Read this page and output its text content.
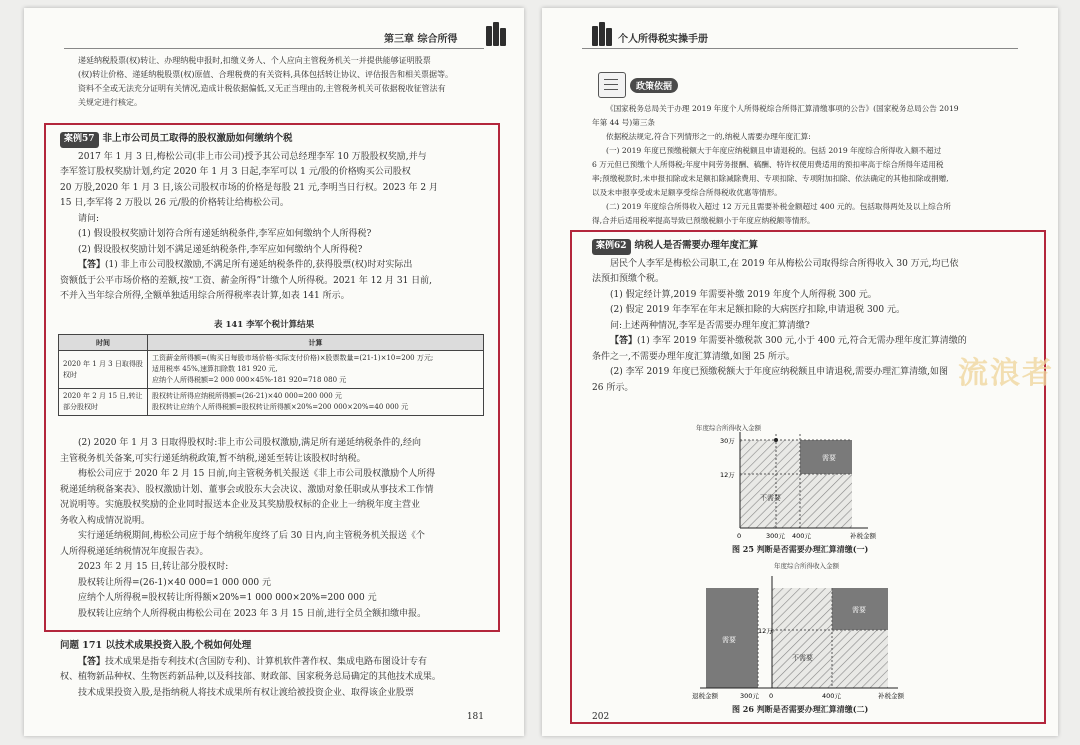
第三章 综合所得

递延纳税股票(权)转让、办理纳税申报时,扣缴义务人、个人应向主管税务机关一并提供能够证明股票

(权)转让价格、递延纳税股票(权)原值、合理税费的有关资料,具体包括转让协议、评估报告和相关票据等。

资料不全或无法充分证明有关情况,造成计税依据偏低,又无正当理由的,主管税务机关可依据税收征管法有

关规定进行核定。

案例57 非上市公司员工取得的股权激励如何缴纳个税

2017 年 1 月 3 日,梅松公司(非上市公司)授予其公司总经理李军 10 万股股权奖励,并与

李军签订股权奖励计划,约定 2020 年 1 月 3 日起,李军可以 1 元/股的价格购买公司股权

20 万股,2020 年 1 月 3 日,该公司股权市场的价格是每股 21 元,李明当日行权。2023 年 2 月

15 日,李军将 2 万股以 26 元/股的价格转让给梅松公司。

请问:

(1) 假设股权奖励计划符合所有递延纳税条件,李军应如何缴纳个人所得税?

(2) 假设股权奖励计划不满足递延纳税条件,李军应如何缴纳个人所得税?

【答】(1) 非上市公司股权激励,不满足所有递延纳税条件的,获得股票(权)时对实际出

资额低于公平市场价格的差额,按“工资、薪金所得”计缴个人所得税。2021 年 12 月 31 日前,

不并入当年综合所得,全额单独适用综合所得税率表计算,如表 141 所示。

表 141 李军个税计算结果
时间	计算
2020 年 1 月 3 日取得股权时	工资薪金所得额=(购买日每股市场价格-实际支付价格)×股票数量=(21-1)×10=200 万元;
适用税率 45%,速算扣除数 181 920 元,
应纳个人所得税额=2 000 000×45%-181 920=718 080 元

2020 年 2 月 15 日,转让部分股权时	股权转让所得应纳税所得额=(26-21)×40 000=200 000 元
股权转让应纳个人所得税额=股权转让所得额×20%=200 000×20%=40 000 元

(2) 2020 年 1 月 3 日取得股权时:非上市公司股权激励,满足所有递延纳税条件的,经向

主管税务机关备案,可实行递延纳税政策,暂不纳税,递延至转让该股权时纳税。

梅松公司应于 2020 年 2 月 15 日前,向主管税务机关报送《非上市公司股权激励个人所得

税递延纳税备案表》、股权激励计划、董事会或股东大会决议、激励对象任职或从事技术工作情

况说明等。实施股权奖励的企业同时报送本企业及其奖励股权标的企业上一纳税年度主营业

务收入构成情况说明。

实行递延纳税期间,梅松公司应于每个纳税年度终了后 30 日内,向主管税务机关报送《个

人所得税递延纳税情况年度报告表》。

2023 年 2 月 15 日,转让部分股权时:

股权转让所得=(26-1)×40 000=1 000 000 元

应纳个人所得税=股权转让所得额×20%=1 000 000×20%=200 000 元

股权转让应纳个人所得税由梅松公司在 2023 年 3 月 15 日前,进行全员全额扣缴申报。

问题 171 以技术成果投资入股,个税如何处理

【答】技术成果是指专利技术(含国防专利)、计算机软件著作权、集成电路布图设计专有

权、植物新品种权、生物医药新品种,以及科技部、财政部、国家税务总局确定的其他技术成果。

技术成果投资入股,是指纳税人将技术成果所有权让渡给被投资企业、取得该企业股票

181
个人所得税实操手册
政策依据

《国家税务总局关于办理 2019 年度个人所得税综合所得汇算清缴事项的公告》(国家税务总局公告 2019

年第 44 号)第三条

依据税法规定,符合下列情形之一的,纳税人需要办理年度汇算:

(一) 2019 年度已预缴税额大于年度应纳税额且申请退税的。包括 2019 年度综合所得收入额不超过

6 万元但已预缴个人所得税;年度中间劳务报酬、稿酬、特许权使用费适用的预扣率高于综合所得年适用税

率;预缴税款时,未申报扣除或未足额扣除减除费用、专项扣除、专项附加扣除、依法确定的其他扣除或捐赠,

以及未申报享受或未足额享受综合所得税收优惠等情形。

(二) 2019 年度综合所得收入超过 12 万元且需要补税金额超过 400 元的。包括取得两处及以上综合所

得,合并后适用税率提高导致已预缴税额小于年度应纳税额等情形。

案例62 纳税人是否需要办理年度汇算

居民个人李军是梅松公司职工,在 2019 年从梅松公司取得综合所得收入 30 万元,均已依

法预扣预缴个税。

(1) 假定经计算,2019 年需要补缴 2019 年度个人所得税 300 元。

(2) 假定 2019 年李军在年末足额扣除的大病医疗扣除,申请退税 300 元。

问:上述两种情况,李军是否需要办理年度汇算清缴?

【答】(1) 李军 2019 年需要补缴税款 300 元,小于 400 元,符合无需办理年度汇算清缴的

条件之一,不需要办理年度汇算清缴,如图 25 所示。

(2) 李军 2019 年度已预缴税额大于年度应纳税额且申请退税,需要办理汇算清缴,如图

26 所示。

年度综合所得收入金额
需要
不需要
30万
12万
0	300元 400元	补税金额
图 25 判断是否需要办理汇算清缴(一)
年度综合所得收入金额
需要
需要
不需要
12万
300元 0	400元
退税金额	补税金额
图 26 判断是否需要办理汇算清缴(二)
202
流浪者
